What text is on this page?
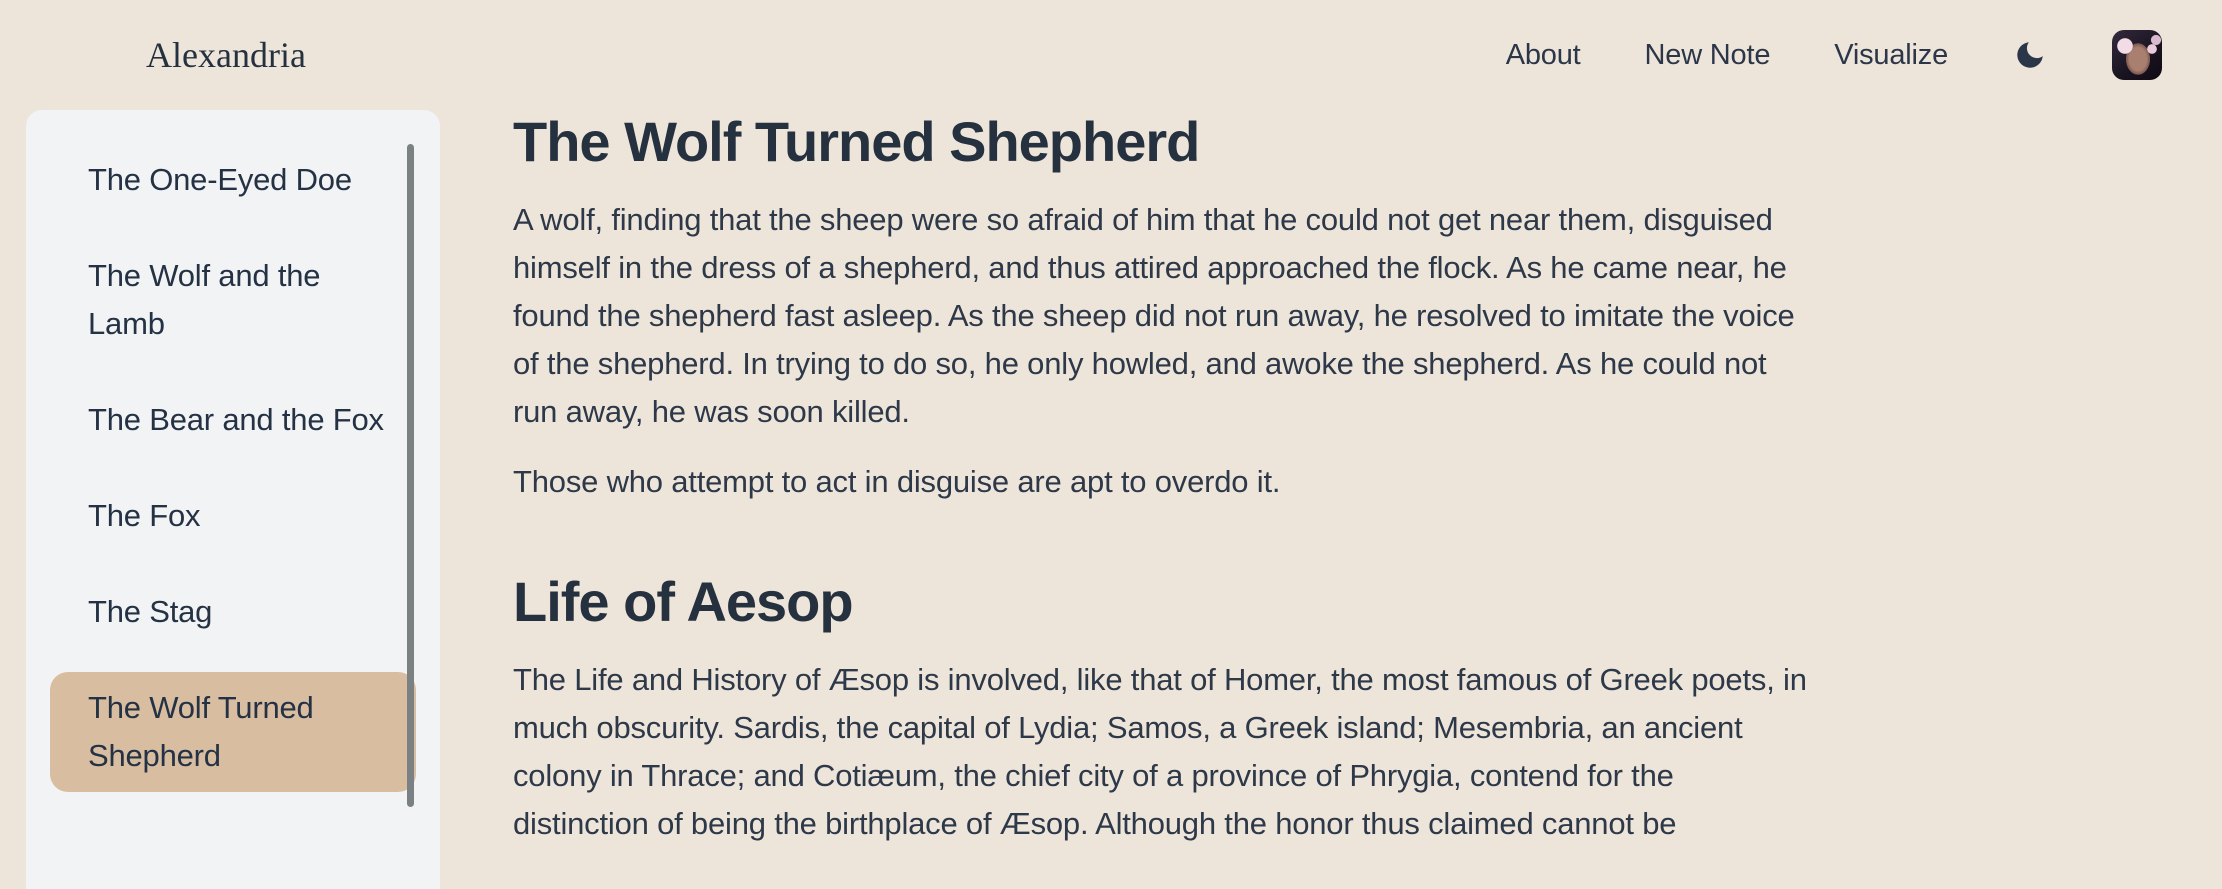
Alexandria	About New Note Visualize
The One-Eyed Doe
The Wolf and the Lamb
The Bear and the Fox
The Fox
The Stag
The Wolf Turned Shepherd
The Wolf Turned Shepherd

A wolf, finding that the sheep were so afraid of him that he could not get near them, disguised himself in the dress of a shepherd, and thus attired approached the flock. As he came near, he found the shepherd fast asleep. As the sheep did not run away, he resolved to imitate the voice of the shepherd. In trying to do so, he only howled, and awoke the shepherd. As he could not run away, he was soon killed.

Those who attempt to act in disguise are apt to overdo it.

Life of Aesop

The Life and History of Æsop is involved, like that of Homer, the most famous of Greek poets, in much obscurity. Sardis, the capital of Lydia; Samos, a Greek island; Mesembria, an ancient colony in Thrace; and Cotiæum, the chief city of a province of Phrygia, contend for the distinction of being the birthplace of Æsop. Although the honor thus claimed cannot be
